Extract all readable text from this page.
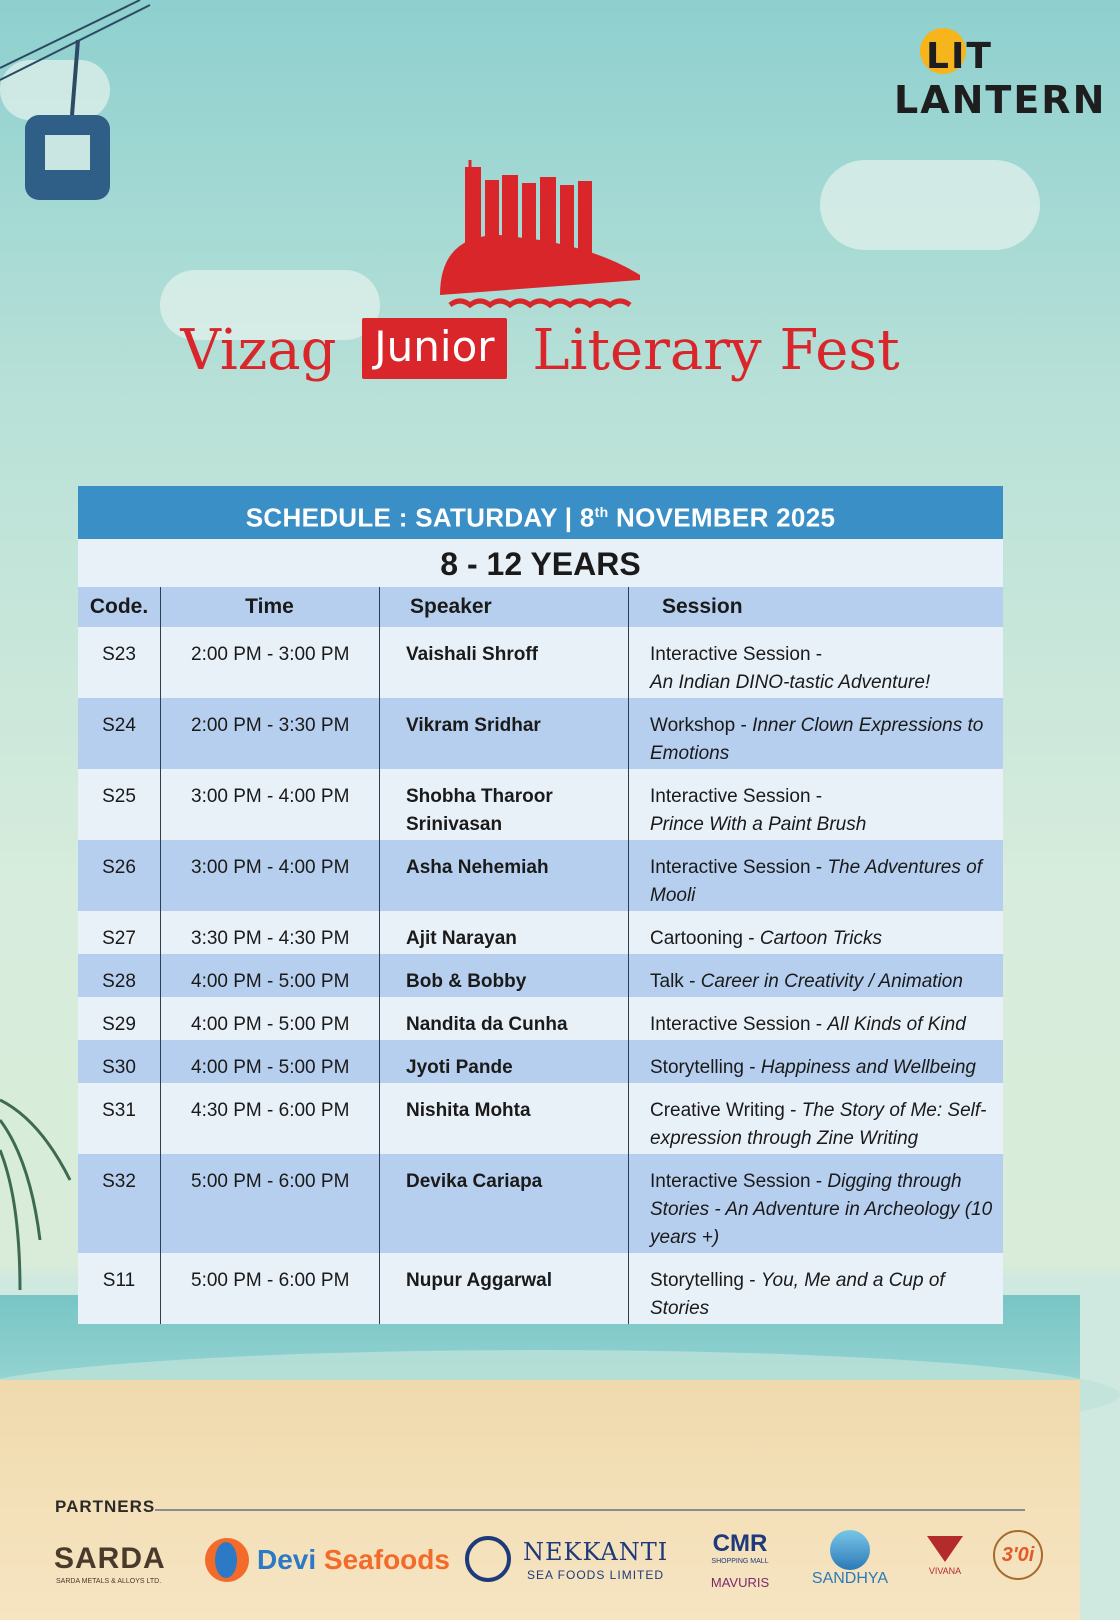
LIT
LANTERN
Vizag Junior Literary Fest
SCHEDULE : SATURDAY | 8th NOVEMBER 2025
8 - 12 YEARS
Code.	Time	Speaker	Session
S23	2:00 PM - 3:00 PM	Vaishali Shroff	Interactive Session -
An Indian DINO-tastic Adventure!
S24	2:00 PM - 3:30 PM	Vikram Sridhar	Workshop - Inner Clown Expressions to Emotions
S25	3:00 PM - 4:00 PM	Shobha Tharoor Srinivasan	Interactive Session -
Prince With a Paint Brush
S26	3:00 PM - 4:00 PM	Asha Nehemiah	Interactive Session - The Adventures of Mooli
S27	3:30 PM - 4:30 PM	Ajit Narayan	Cartooning - Cartoon Tricks
S28	4:00 PM - 5:00 PM	Bob & Bobby	Talk - Career in Creativity / Animation
S29	4:00 PM - 5:00 PM	Nandita da Cunha	Interactive Session - All Kinds of Kind
S30	4:00 PM - 5:00 PM	Jyoti Pande	Storytelling - Happiness and Wellbeing
S31	4:30 PM - 6:00 PM	Nishita Mohta	Creative Writing - The Story of Me: Self-expression through Zine Writing
S32	5:00 PM - 6:00 PM	Devika Cariapa	Interactive Session - Digging through Stories - An Adventure in Archeology (10 years +)
S11	5:00 PM - 6:00 PM	Nupur Aggarwal	Storytelling - You, Me and a Cup of Stories
PARTNERS
SARDA
SARDA METALS & ALLOYS LTD.
Devi Seafoods	NEKKANTI
SEA FOODS LIMITED
CMR
SHOPPING MALL
MAVURIS	SANDHYA	VIVANA
3'0i
